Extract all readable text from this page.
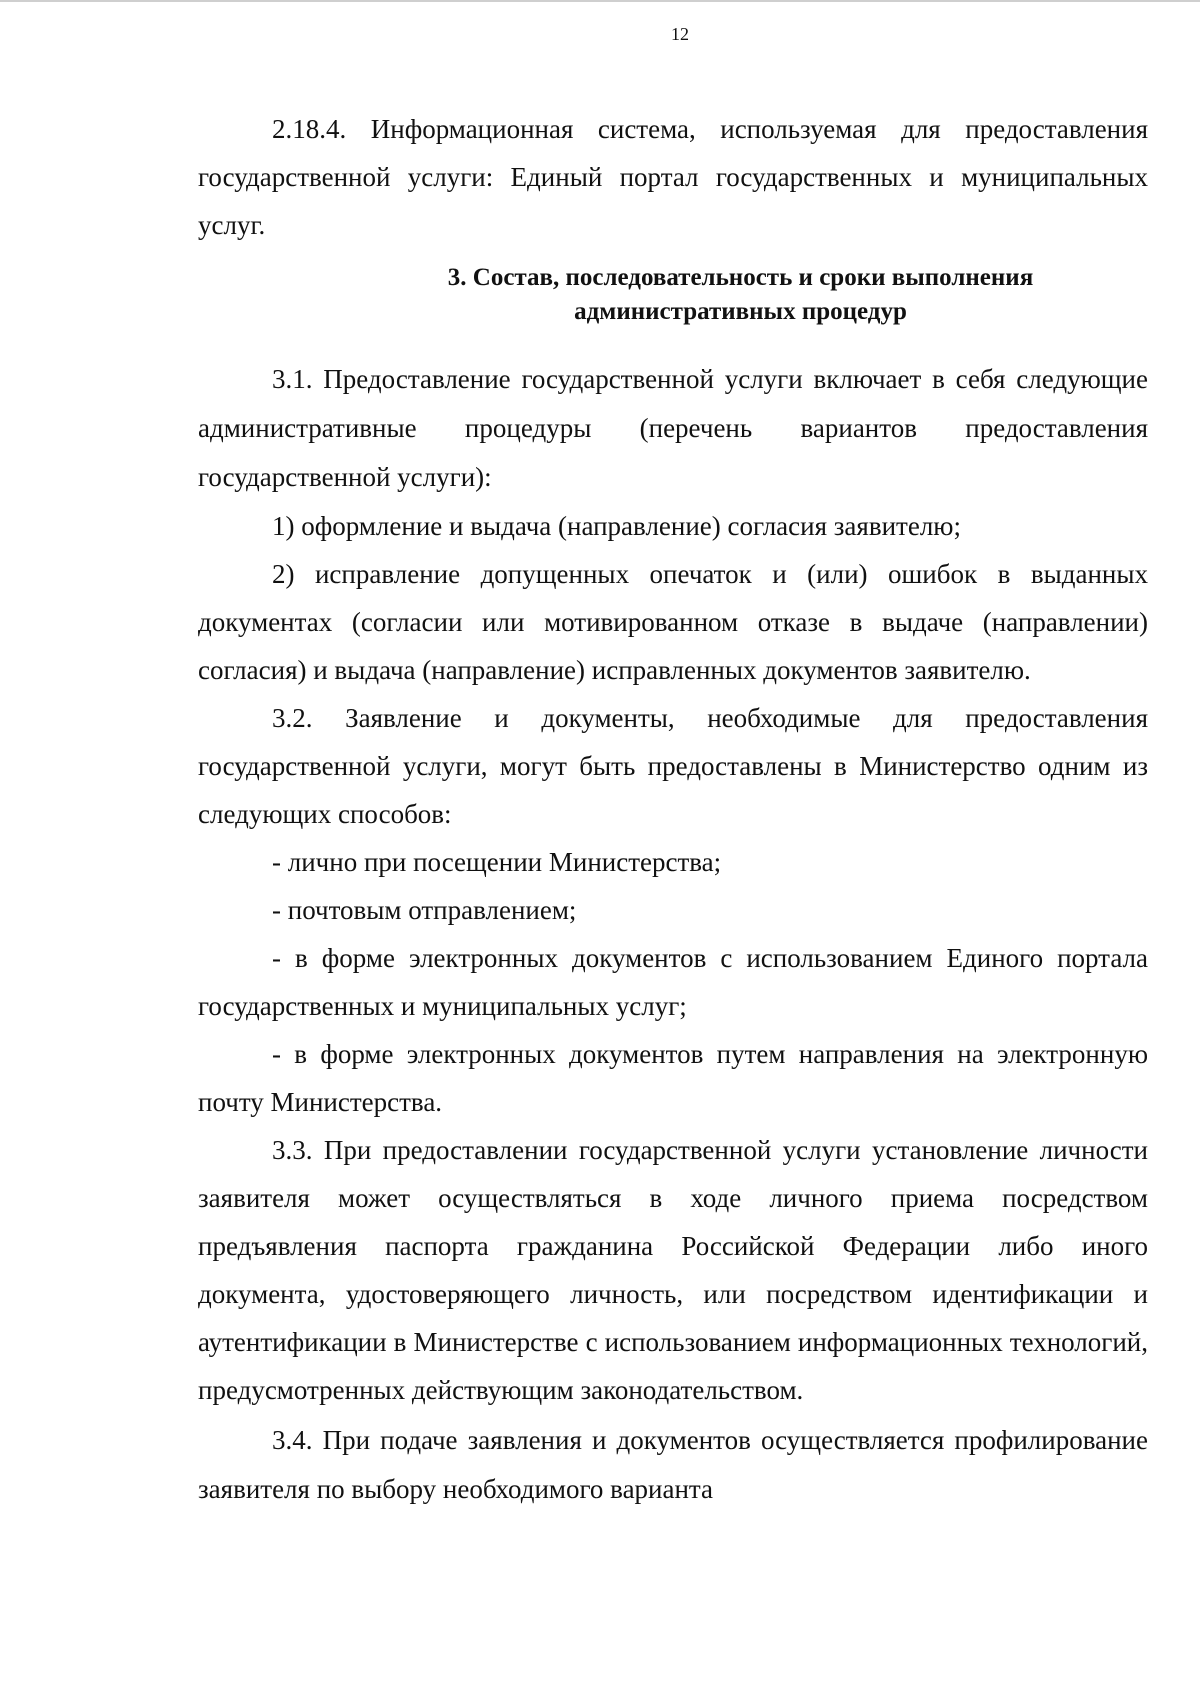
12

2.18.4. Информационная система, используемая для предоставления государственной услуги: Единый портал государственных и муниципальных услуг.

3. Состав, последовательность и сроки выполнения
административных процедур

3.1. Предоставление государственной услуги включает в себя следующие административные процедуры (перечень вариантов предоставления государственной услуги):

1) оформление и выдача (направление) согласия заявителю;

2) исправление допущенных опечаток и (или) ошибок в выданных документах (согласии или мотивированном отказе в выдаче (направлении) согласия) и выдача (направление) исправленных документов заявителю.

3.2. Заявление и документы, необходимые для предоставления государственной услуги, могут быть предоставлены в Министерство одним из следующих способов:

- лично при посещении Министерства;

- почтовым отправлением;

- в форме электронных документов с использованием Единого портала государственных и муниципальных услуг;

- в форме электронных документов путем направления на электронную почту Министерства.

3.3. При предоставлении государственной услуги установление личности заявителя может осуществляться в ходе личного приема посредством предъявления паспорта гражданина Российской Федерации либо иного документа, удостоверяющего личность, или посредством идентификации и аутентификации в Министерстве с использованием информационных технологий, предусмотренных действующим законодательством.

3.4. При подаче заявления и документов осуществляется профилирование заявителя по выбору необходимого варианта
